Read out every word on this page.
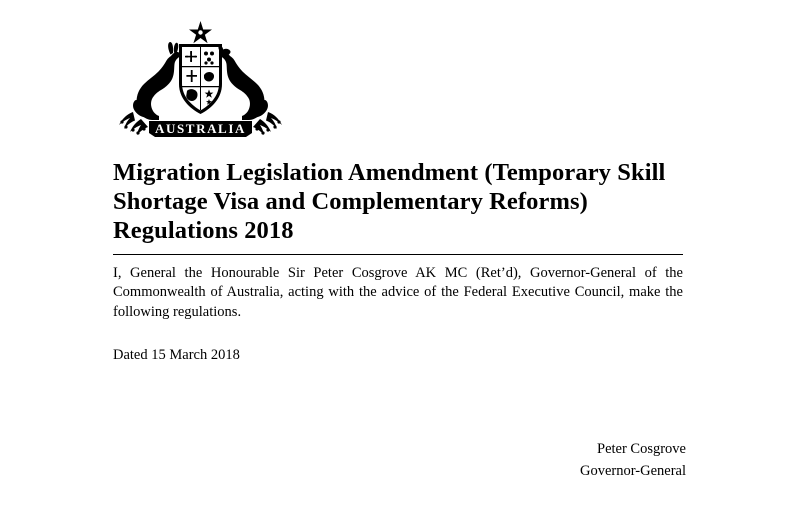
AUSTRALIA
Migration Legislation Amendment (Temporary Skill Shortage Visa and Complementary Reforms) Regulations 2018

I, General the Honourable Sir Peter Cosgrove AK MC (Ret’d), Governor-General of the Commonwealth of Australia, acting with the advice of the Federal Executive Council, make the following regulations.

Dated 15 March 2018
Peter Cosgrove
Governor-General
